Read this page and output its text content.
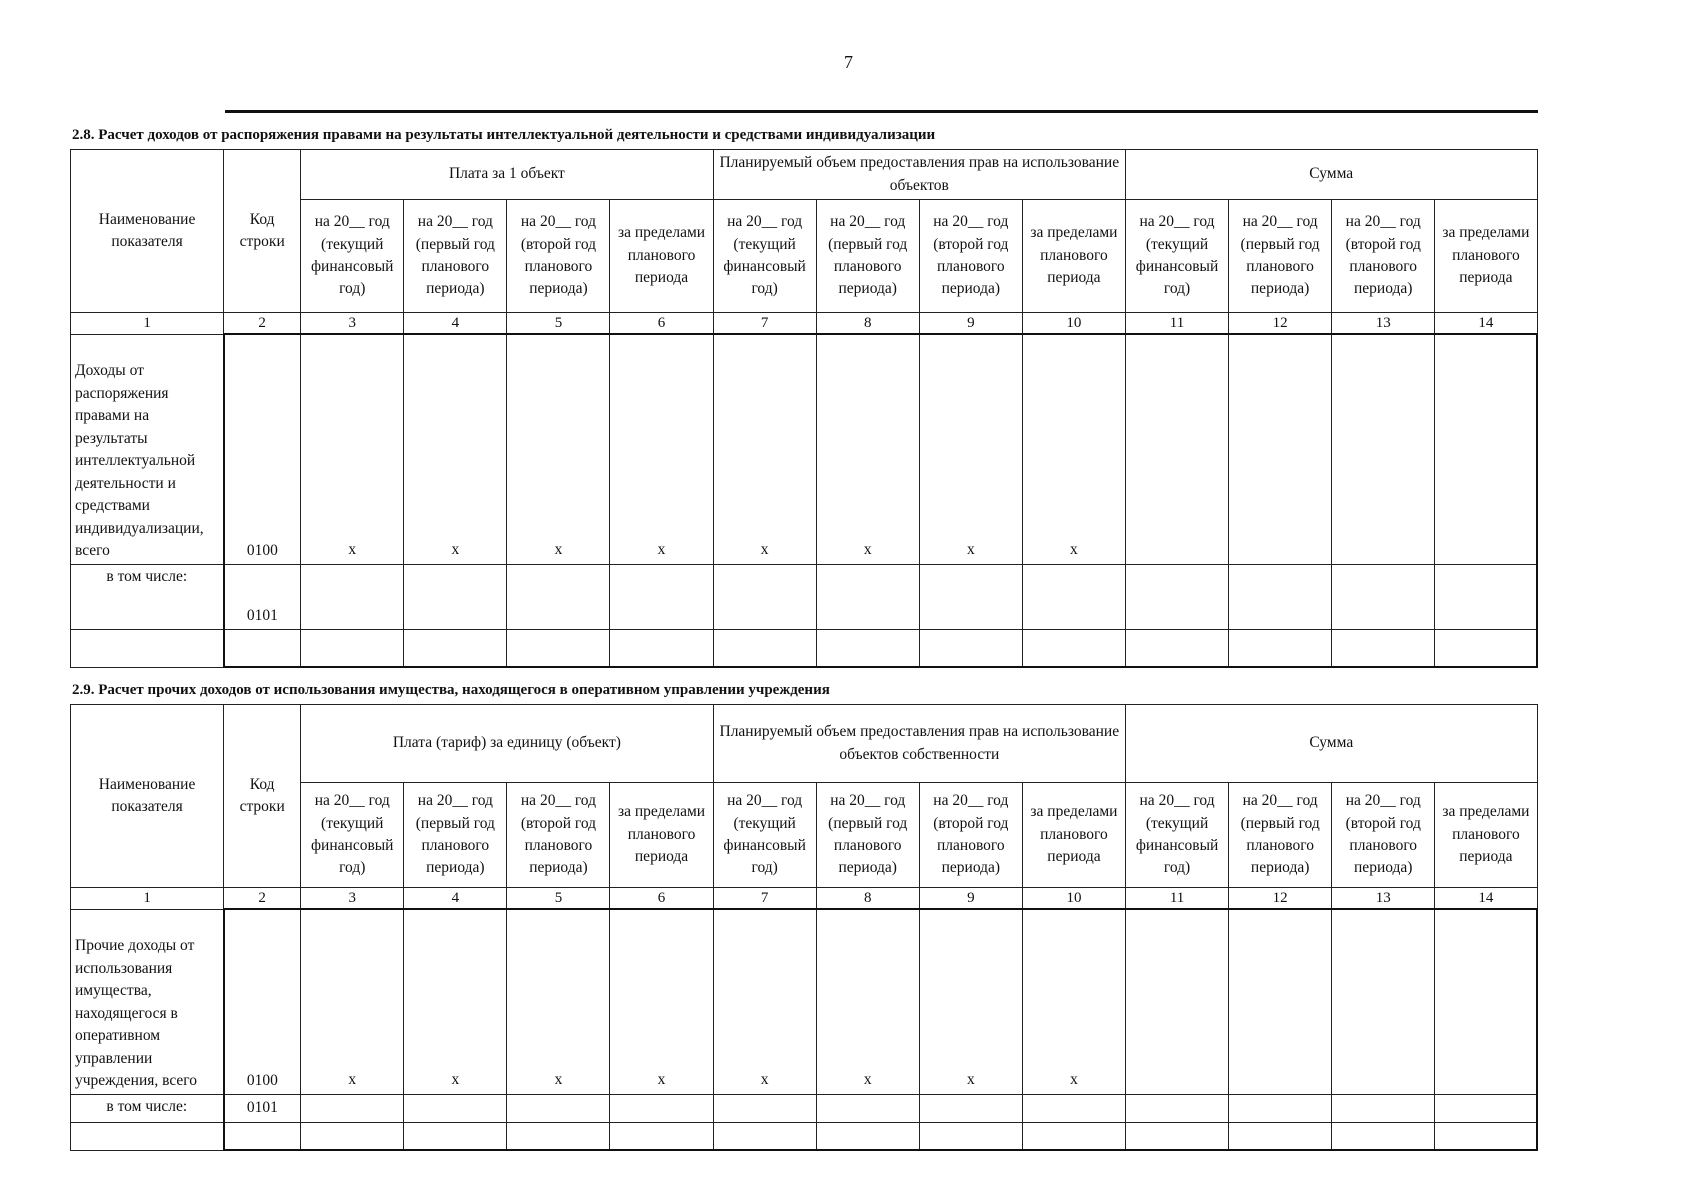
7
2.8. Расчет доходов от распоряжения правами на результаты интеллектуальной деятельности и средствами индивидуализации
Наименование показателя	Код строки	Плата за 1 объект				Планируемый объем предоставления прав на использование объектов				Сумма			
		на 20__ год (текущий финансовый год)	на 20__ год (первый год планового периода)	на 20__ год (второй год планового периода)	за пределами планового периода	на 20__ год (текущий финансовый год)	на 20__ год (первый год планового периода)	на 20__ год (второй год планового периода)	за пределами планового периода	на 20__ год (текущий финансовый год)	на 20__ год (первый год планового периода)	на 20__ год (второй год планового периода)	за пределами планового периода
1	2	3	4	5	6	7	8	9	10	11	12	13	14
Доходы от распоряжения правами на результаты интеллектуальной деятельности и средствами индивидуализации, всего	0100	x	x	x	x	x	x	x	x				
в том числе:	0101												

2.9. Расчет прочих доходов от использования имущества, находящегося в оперативном управлении учреждения
Наименование показателя	Код строки	Плата (тариф) за единицу (объект)				Планируемый объем предоставления прав на использование объектов собственности				Сумма			
		на 20__ год (текущий финансовый год)	на 20__ год (первый год планового периода)	на 20__ год (второй год планового периода)	за пределами планового периода	на 20__ год (текущий финансовый год)	на 20__ год (первый год планового периода)	на 20__ год (второй год планового периода)	за пределами планового периода	на 20__ год (текущий финансовый год)	на 20__ год (первый год планового периода)	на 20__ год (второй год планового периода)	за пределами планового периода
1	2	3	4	5	6	7	8	9	10	11	12	13	14
Прочие доходы от использования имущества, находящегося в оперативном управлении учреждения, всего	0100	x	x	x	x	x	x	x	x				
в том числе:	0101												
